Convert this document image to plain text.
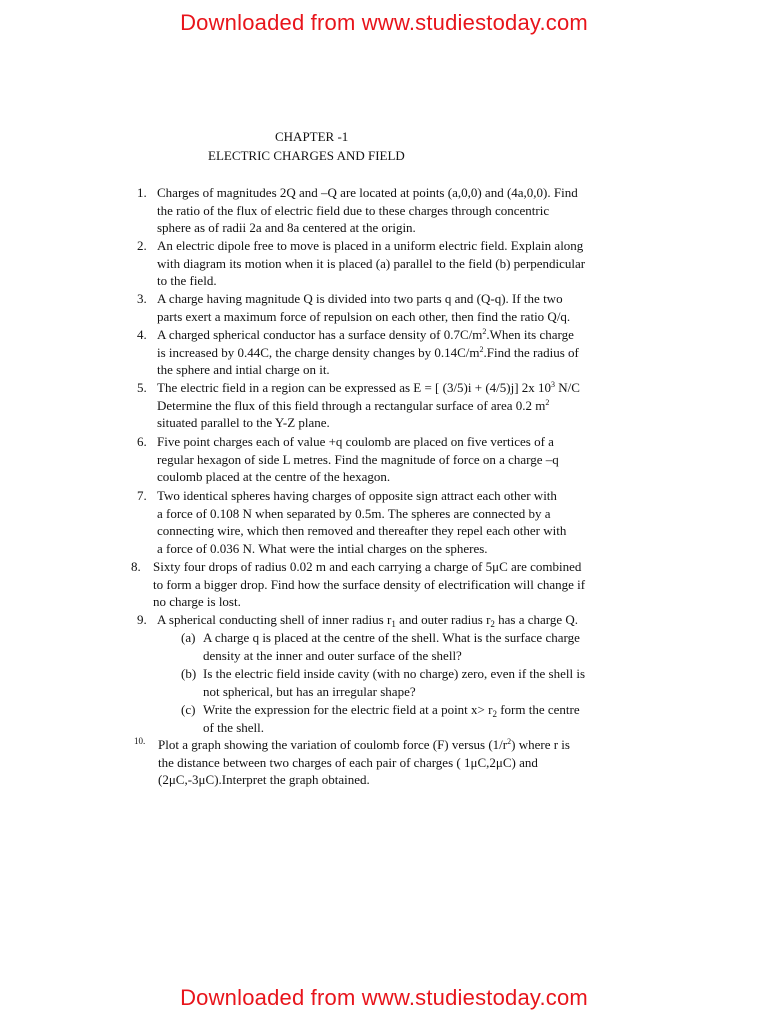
Downloaded from www.studiestoday.com
CHAPTER -1
ELECTRIC CHARGES AND FIELD
1. Charges of magnitudes 2Q and –Q are located at points (a,0,0) and (4a,0,0). Find
the ratio of the flux of electric field due to these charges through concentric
sphere as of radii 2a and 8a centered at the origin.
2. An electric dipole free to move is placed in a uniform electric field. Explain along
with diagram its motion when it is placed (a) parallel to the field (b) perpendicular
to the field.
3. A charge having magnitude Q is divided into two parts q and (Q-q). If the two
parts exert a maximum force of repulsion on each other, then find the ratio Q/q.
4. A charged spherical conductor has a surface density of $0.7C/m^2.When$ its charge
is increased by 0.44C, the charge density changes by $0.14C/m^2.Find$ the radius of
the sphere and intial charge on it.
5. The electric field in a region can be expressed as E = [ (3/5)i + (4/5)j] 2x $10^3$ N/C
Determine the flux of this field through a rectangular surface of area 0.2 $m^2$
situated parallel to the Y-Z plane.
6. Five point charges each of value +q coulomb are placed on five vertices of a
regular hexagon of side L metres. Find the magnitude of force on a charge –q
coulomb placed at the centre of the hexagon.
7. Two identical spheres having charges of opposite sign attract each other with
a force of 0.108 N when separated by 0.5m. The spheres are connected by a
connecting wire, which then removed and thereafter they repel each other with
a force of 0.036 N. What were the intial charges on the spheres.
8. Sixty four drops of radius 0.02 m and each carrying a charge of 5μC are combined
to form a bigger drop. Find how the surface density of electrification will change if
no charge is lost.
9. A spherical conducting shell of inner radius $r_1$ and outer radius $r_2$ has a charge Q.
(a) A charge q is placed at the centre of the shell. What is the surface charge
density at the inner and outer surface of the shell?
(b) Is the electric field inside cavity (with no charge) zero, even if the shell is
not spherical, but has an irregular shape?
(c) Write the expression for the electric field at a point $x> r_2$ form the centre
of the shell.
10. Plot a graph showing the variation of coulomb force (F) versus $(1/r^2)$ where r is
the distance between two charges of each pair of charges ( 1μC,2μC) and
(2μC,-3μC).Interpret the graph obtained.
Downloaded from www.studiestoday.com
